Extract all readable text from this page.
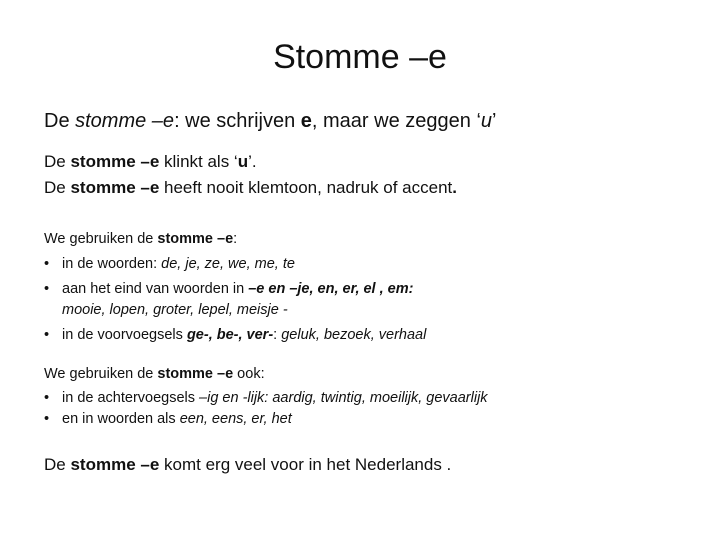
Stomme –e

De stomme –e: we schrijven e, maar we zeggen ‘u’

De stomme –e klinkt als ‘u’.

De stomme –e heeft nooit klemtoon, nadruk of accent.

We gebruiken de stomme –e:

• in de woorden: de, je, ze, we, me, te

• aan het eind van woorden in –e en –je, en, er, el , em:

mooie, lopen, groter, lepel, meisje -

• in de voorvoegsels ge-, be-, ver-: geluk, bezoek, verhaal

We gebruiken de stomme –e ook:

• in de achtervoegsels –ig en -lijk: aardig, twintig, moeilijk, gevaarlijk

• en in woorden als een, eens, er, het

De stomme –e komt erg veel voor in het Nederlands .
